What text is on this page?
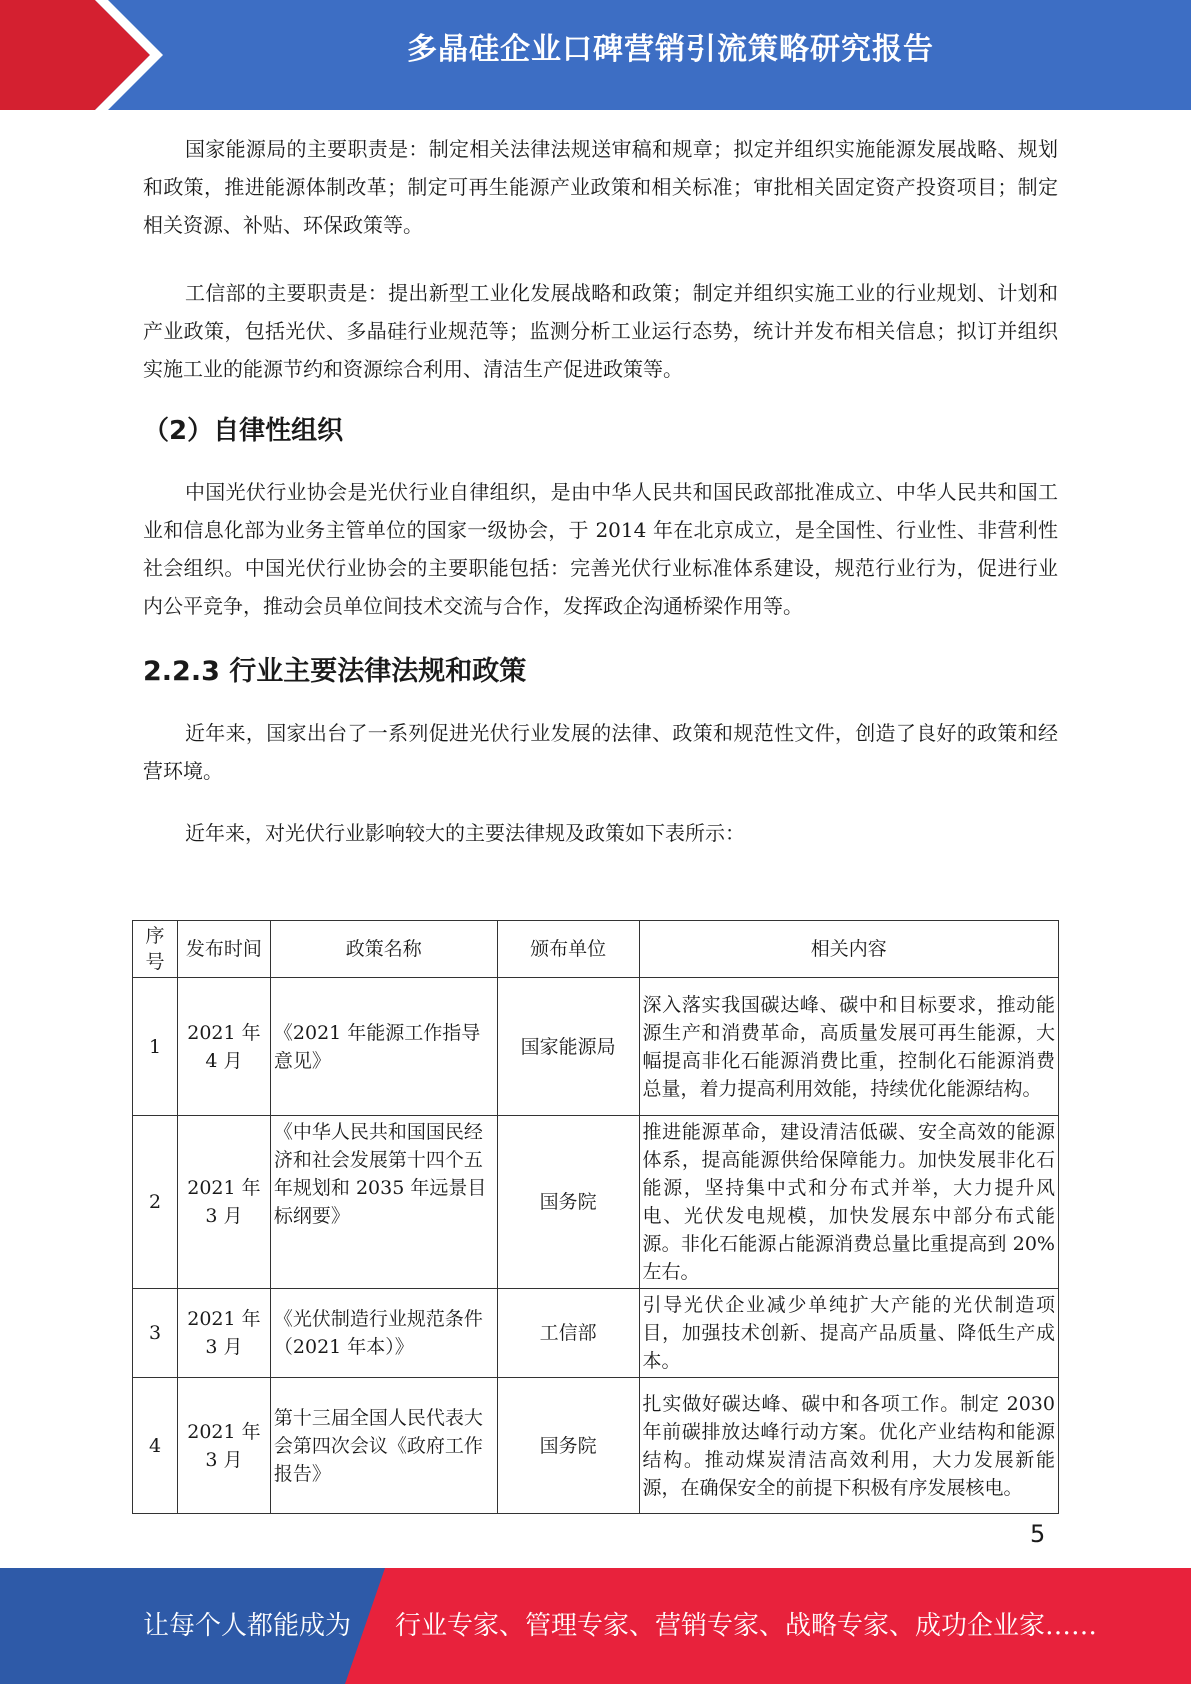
多晶硅企业口碑营销引流策略研究报告

国家能源局的主要职责是：制定相关法律法规送审稿和规章；拟定并组织实施能源发展战略、规划和政策，推进能源体制改革；制定可再生能源产业政策和相关标准；审批相关固定资产投资项目；制定相关资源、补贴、环保政策等。

工信部的主要职责是：提出新型工业化发展战略和政策；制定并组织实施工业的行业规划、计划和产业政策，包括光伏、多晶硅行业规范等；监测分析工业运行态势，统计并发布相关信息；拟订并组织实施工业的能源节约和资源综合利用、清洁生产促进政策等。

（2）自律性组织

中国光伏行业协会是光伏行业自律组织，是由中华人民共和国民政部批准成立、中华人民共和国工业和信息化部为业务主管单位的国家一级协会，于 2014 年在北京成立，是全国性、行业性、非营利性社会组织。中国光伏行业协会的主要职能包括：完善光伏行业标准体系建设，规范行业行为，促进行业内公平竞争，推动会员单位间技术交流与合作，发挥政企沟通桥梁作用等。

2.2.3 行业主要法律法规和政策

近年来，国家出台了一系列促进光伏行业发展的法律、政策和规范性文件，创造了良好的政策和经营环境。

近年来，对光伏行业影响较大的主要法律规及政策如下表所示：

序号	发布时间	政策名称	颁布单位	相关内容
1	2021 年 4 月	《2021 年能源工作指导意见》	国家能源局	深入落实我国碳达峰、碳中和目标要求，推动能源生产和消费革命，高质量发展可再生能源，大幅提高非化石能源消费比重，控制化石能源消费总量，着力提高利用效能，持续优化能源结构。
2	2021 年 3 月	《中华人民共和国国民经济和社会发展第十四个五年规划和 2035 年远景目标纲要》	国务院	推进能源革命，建设清洁低碳、安全高效的能源体系，提高能源供给保障能力。加快发展非化石能源，坚持集中式和分布式并举，大力提升风电、光伏发电规模，加快发展东中部分布式能源。非化石能源占能源消费总量比重提高到 20%左右。
3	2021 年 3 月	《光伏制造行业规范条件（2021 年本）》	工信部	引导光伏企业减少单纯扩大产能的光伏制造项目，加强技术创新、提高产品质量、降低生产成本。
4	2021 年 3 月	第十三届全国人民代表大会第四次会议《政府工作报告》	国务院	扎实做好碳达峰、碳中和各项工作。制定 2030 年前碳排放达峰行动方案。优化产业结构和能源结构。推动煤炭清洁高效利用，大力发展新能源，在确保安全的前提下积极有序发展核电。
5
让每个人都能成为 行业专家、管理专家、营销专家、战略专家、成功企业家……
